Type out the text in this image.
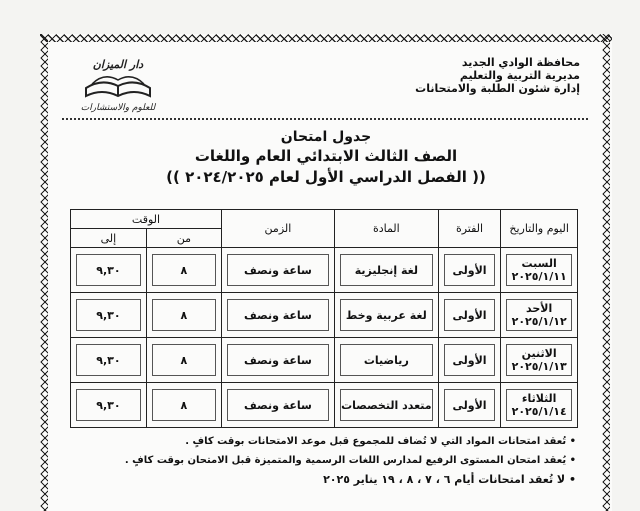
محافظة الوادي الجديد
مديرية التربية والتعليم
إدارة شئون الطلبة والامتحانات
دار الميزان
للعلوم والاستشارات
جدول امتحان
الصف الثالث الابتدائي العام واللغات
(( الفصل الدراسي الأول لعام ٢٠٢٤/٢٠٢٥ ))
اليوم والتاريخ	الفترة	المادة	الزمن	الوقت	
				من	إلى

السبت
٢٠٢٥/١/١١	الأولى	لغة إنجليزية	ساعة ونصف	٨	٩,٣٠

الأحد
٢٠٢٥/١/١٢	الأولى	لغة عربية وخط	ساعة ونصف	٨	٩,٣٠

الاثنين
٢٠٢٥/١/١٣	الأولى	رياضيات	ساعة ونصف	٨	٩,٣٠

الثلاثاء
٢٠٢٥/١/١٤	الأولى	متعدد التخصصات	ساعة ونصف	٨	٩,٣٠
• تُعقد امتحانات المواد التي لا تُضاف للمجموع قبل موعد الامتحانات بوقت كافٍ .
• يُعقد امتحان المستوى الرفيع لمدارس اللغات الرسمية والمتميزة قبل الامتحان بوقت كافٍ .
• لا تُعقد امتحانات أيام ٦ ، ٧ ، ٨ ، ١٩ يناير ٢٠٢٥
